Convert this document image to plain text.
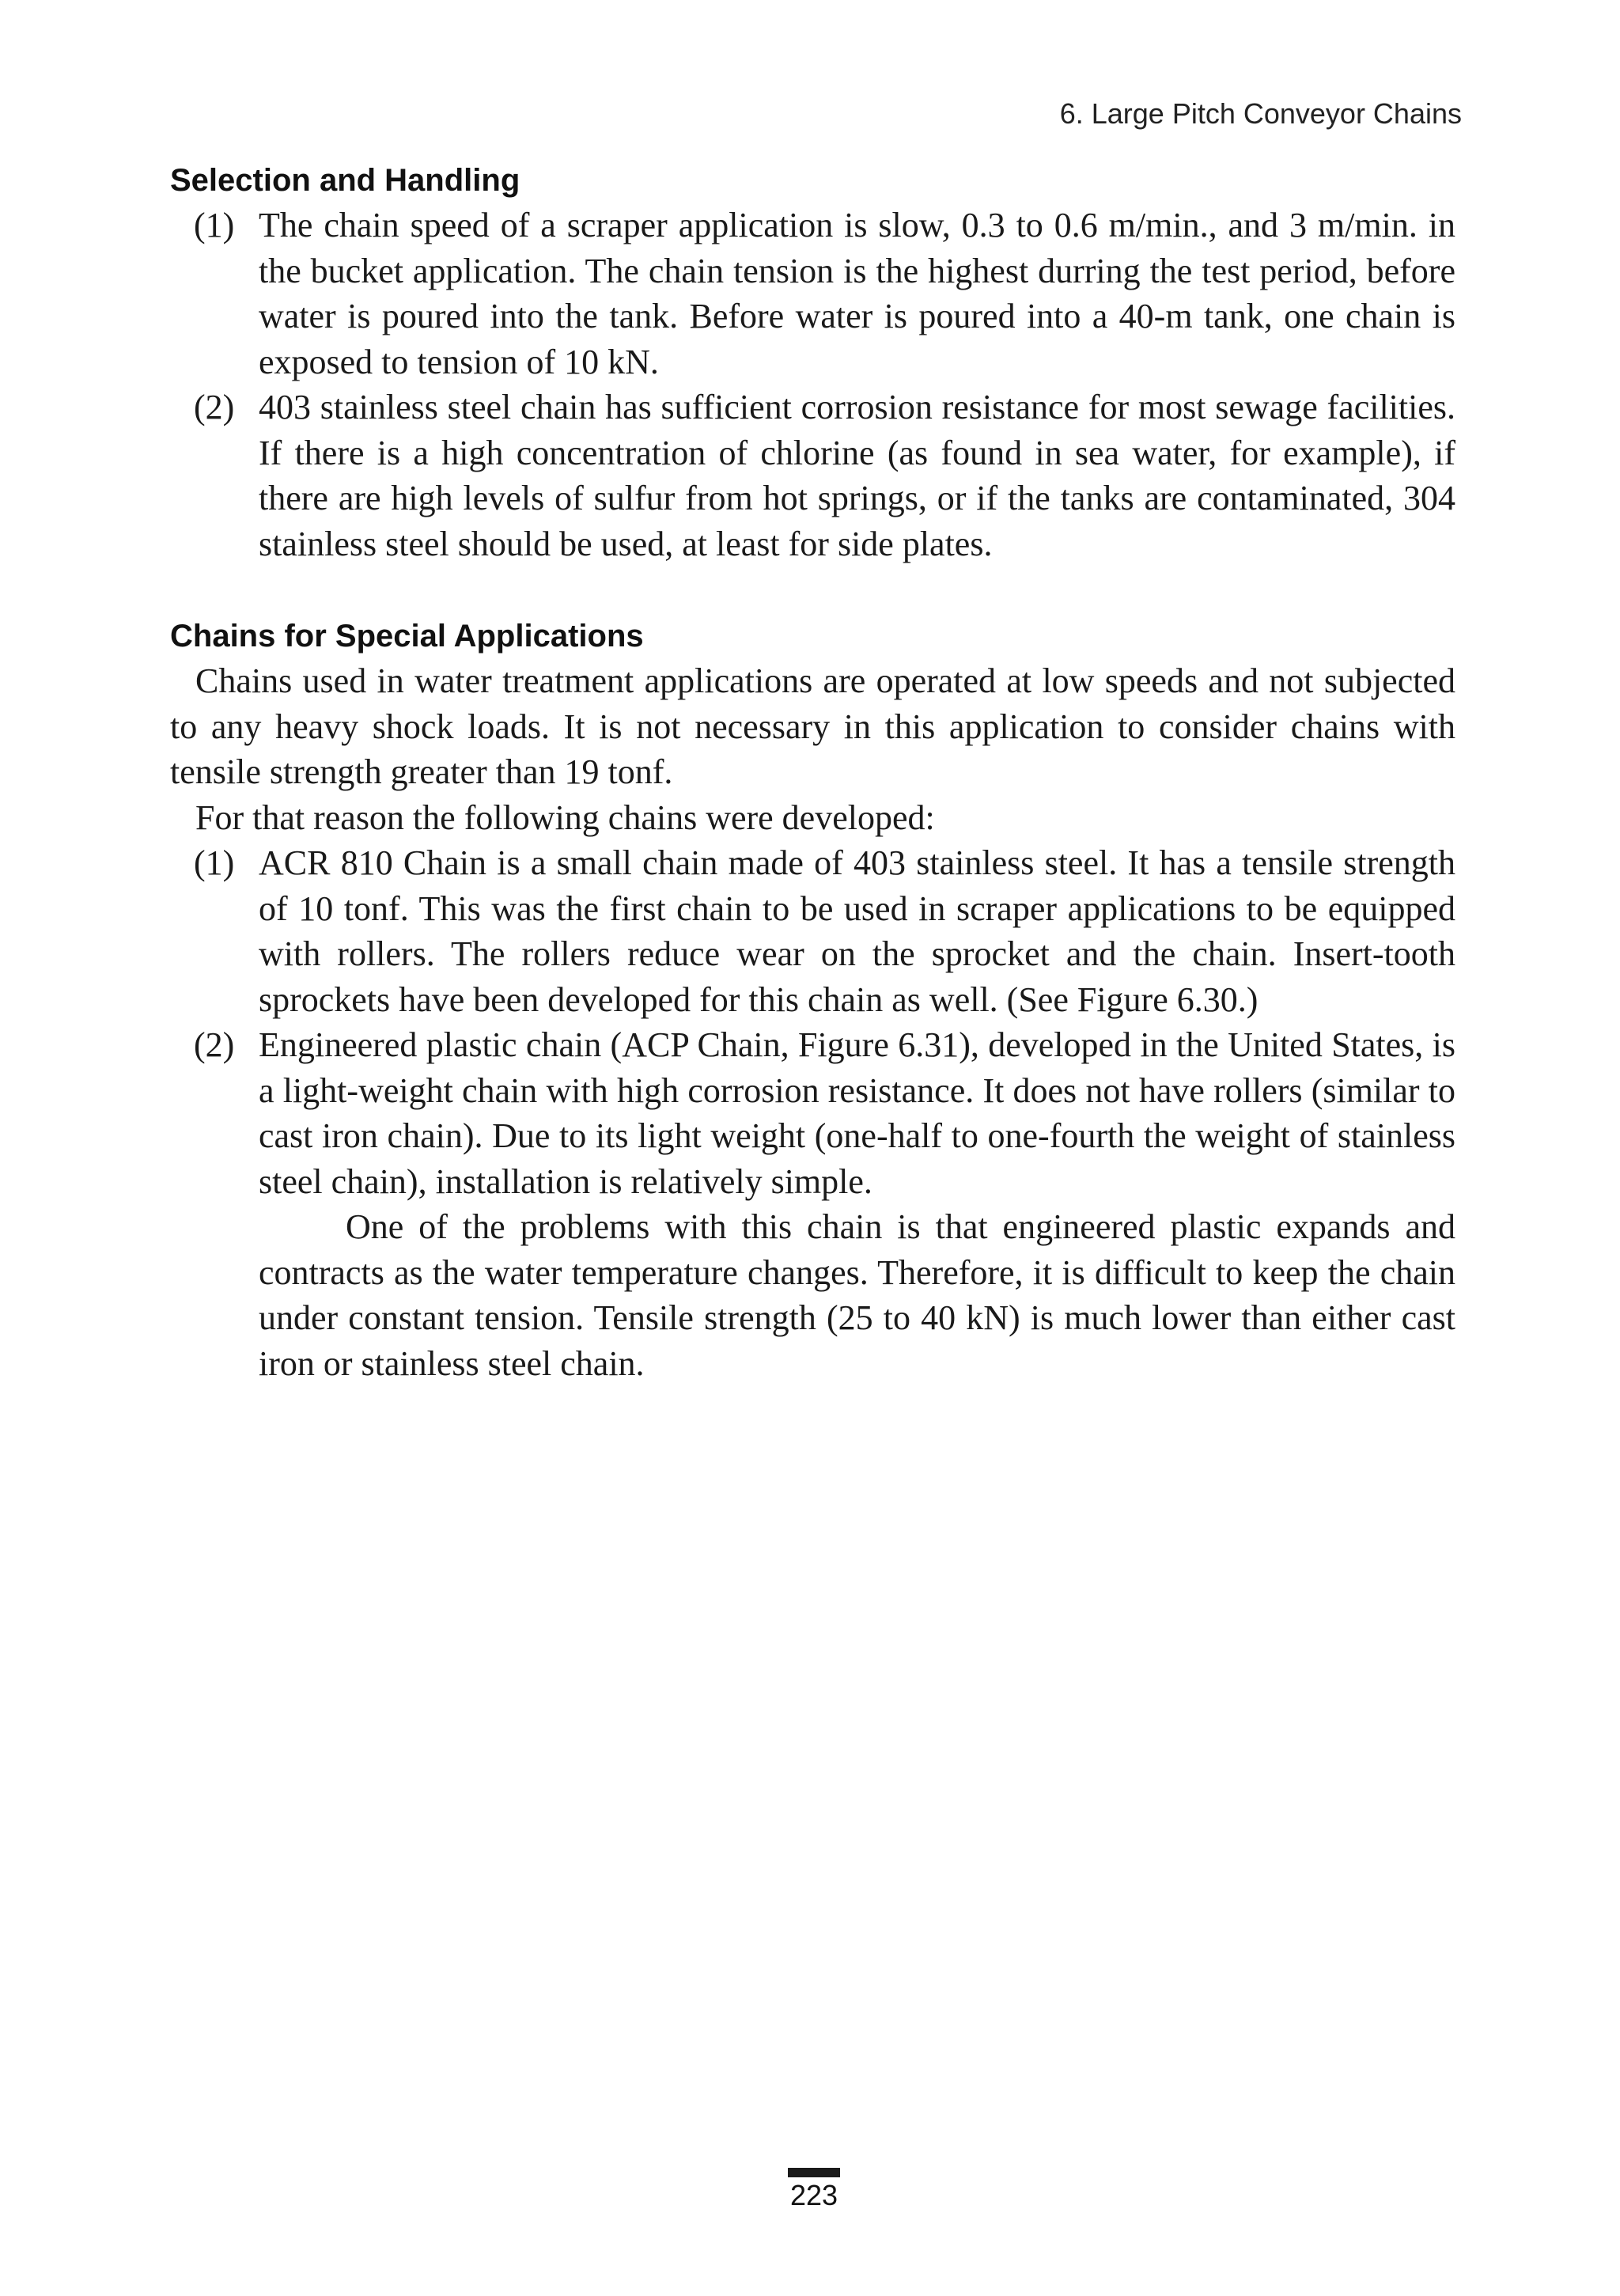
6. Large Pitch Conveyor Chains
Selection and Handling
(1) The chain speed of a scraper application is slow, 0.3 to 0.6 m/min., and 3 m/min. in the bucket application. The chain tension is the highest durring the test period, before water is poured into the tank. Before water is poured into a 40-m tank, one chain is exposed to tension of 10 kN.
(2) 403 stainless steel chain has sufficient corrosion resistance for most sewage facilities. If there is a high concentration of chlorine (as found in sea water, for example), if there are high levels of sulfur from hot springs, or if the tanks are contaminated, 304 stainless steel should be used, at least for side plates.
Chains for Special Applications
Chains used in water treatment applications are operated at low speeds and not subjected to any heavy shock loads. It is not necessary in this application to consider chains with tensile strength greater than 19 tonf.
For that reason the following chains were developed:
(1) ACR 810 Chain is a small chain made of 403 stainless steel. It has a tensile strength of 10 tonf. This was the first chain to be used in scraper applications to be equipped with rollers. The rollers reduce wear on the sprocket and the chain. Insert-tooth sprockets have been developed for this chain as well. (See Figure 6.30.)
(2) Engineered plastic chain (ACP Chain, Figure 6.31), developed in the United States, is a light-weight chain with high corrosion resistance. It does not have rollers (similar to cast iron chain). Due to its light weight (one-half to one-fourth the weight of stainless steel chain), installation is relatively simple.
One of the problems with this chain is that engineered plastic expands and contracts as the water temperature changes. Therefore, it is difficult to keep the chain under constant tension. Tensile strength (25 to 40 kN) is much lower than either cast iron or stainless steel chain.
223
